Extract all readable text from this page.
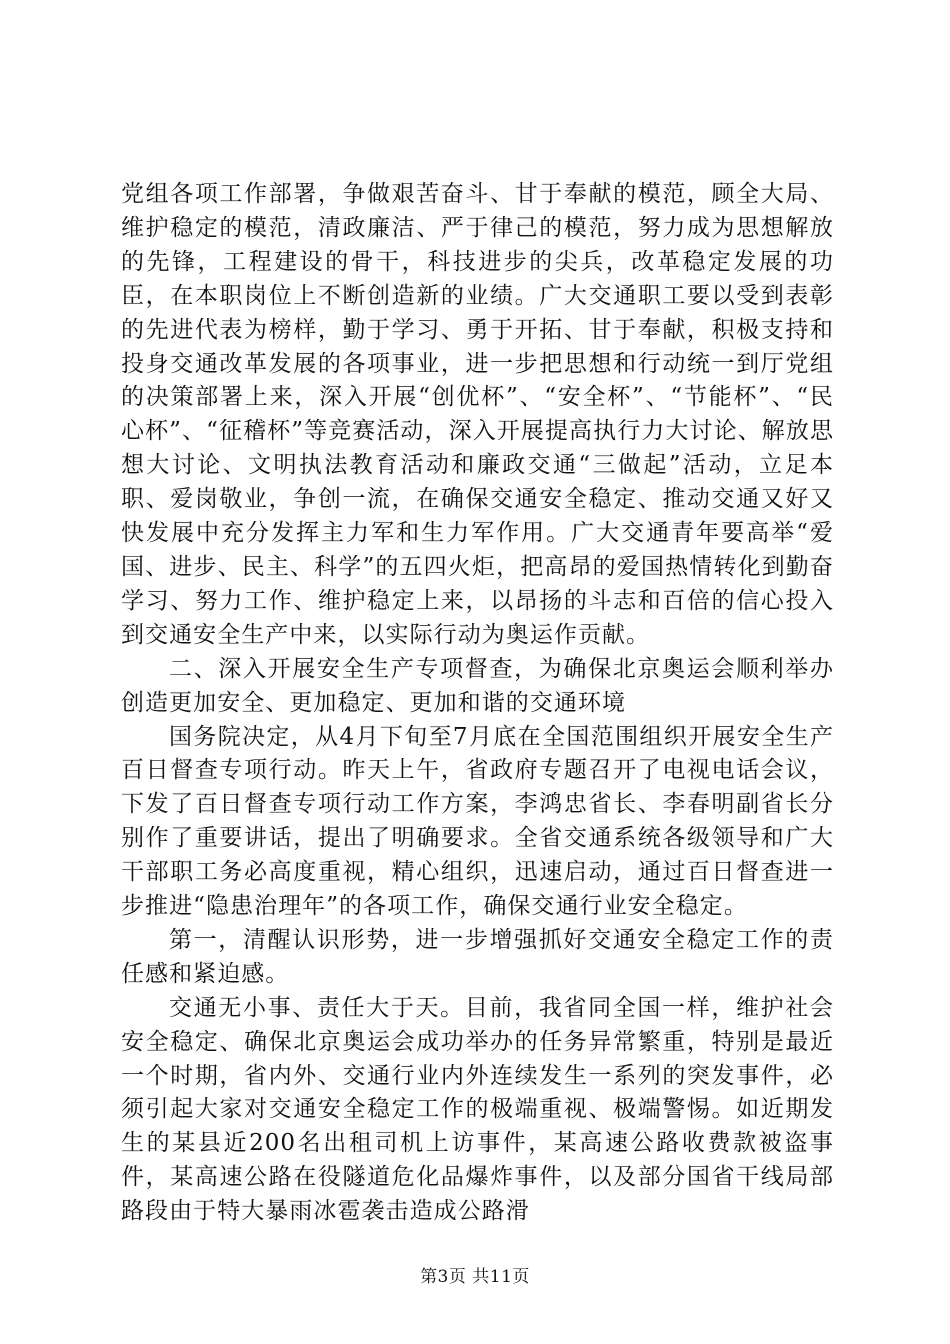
党组各项工作部署，争做艰苦奋斗、甘于奉献的模范，顾全大局、维护稳定的模范，清政廉洁、严于律己的模范，努力成为思想解放的先锋，工程建设的骨干，科技进步的尖兵，改革稳定发展的功臣，在本职岗位上不断创造新的业绩。广大交通职工要以受到表彰的先进代表为榜样，勤于学习、勇于开拓、甘于奉献，积极支持和投身交通改革发展的各项事业，进一步把思想和行动统一到厅党组的决策部署上来，深入开展“创优杯”、“安全杯”、“节能杯”、“民心杯”、“征稽杯”等竞赛活动，深入开展提高执行力大讨论、解放思想大讨论、文明执法教育活动和廉政交通“三做起”活动，立足本职、爱岗敬业，争创一流，在确保交通安全稳定、推动交通又好又快发展中充分发挥主力军和生力军作用。广大交通青年要高举“爱国、进步、民主、科学”的五四火炬，把高昂的爱国热情转化到勤奋学习、努力工作、维护稳定上来，以昂扬的斗志和百倍的信心投入到交通安全生产中来，以实际行动为奥运作贡献。

二、深入开展安全生产专项督查，为确保北京奥运会顺利举办创造更加安全、更加稳定、更加和谐的交通环境

国务院决定，从4月下旬至7月底在全国范围组织开展安全生产百日督查专项行动。昨天上午，省政府专题召开了电视电话会议，下发了百日督查专项行动工作方案，李鸿忠省长、李春明副省长分别作了重要讲话，提出了明确要求。全省交通系统各级领导和广大干部职工务必高度重视，精心组织，迅速启动，通过百日督查进一步推进“隐患治理年”的各项工作，确保交通行业安全稳定。

第一，清醒认识形势，进一步增强抓好交通安全稳定工作的责任感和紧迫感。

交通无小事、责任大于天。目前，我省同全国一样，维护社会安全稳定、确保北京奥运会成功举办的任务异常繁重，特别是最近一个时期，省内外、交通行业内外连续发生一系列的突发事件，必须引起大家对交通安全稳定工作的极端重视、极端警惕。如近期发生的某县近200名出租司机上访事件，某高速公路收费款被盗事件，某高速公路在役隧道危化品爆炸事件，以及部分国省干线局部路段由于特大暴雨冰雹袭击造成公路滑

第3页 共11页
